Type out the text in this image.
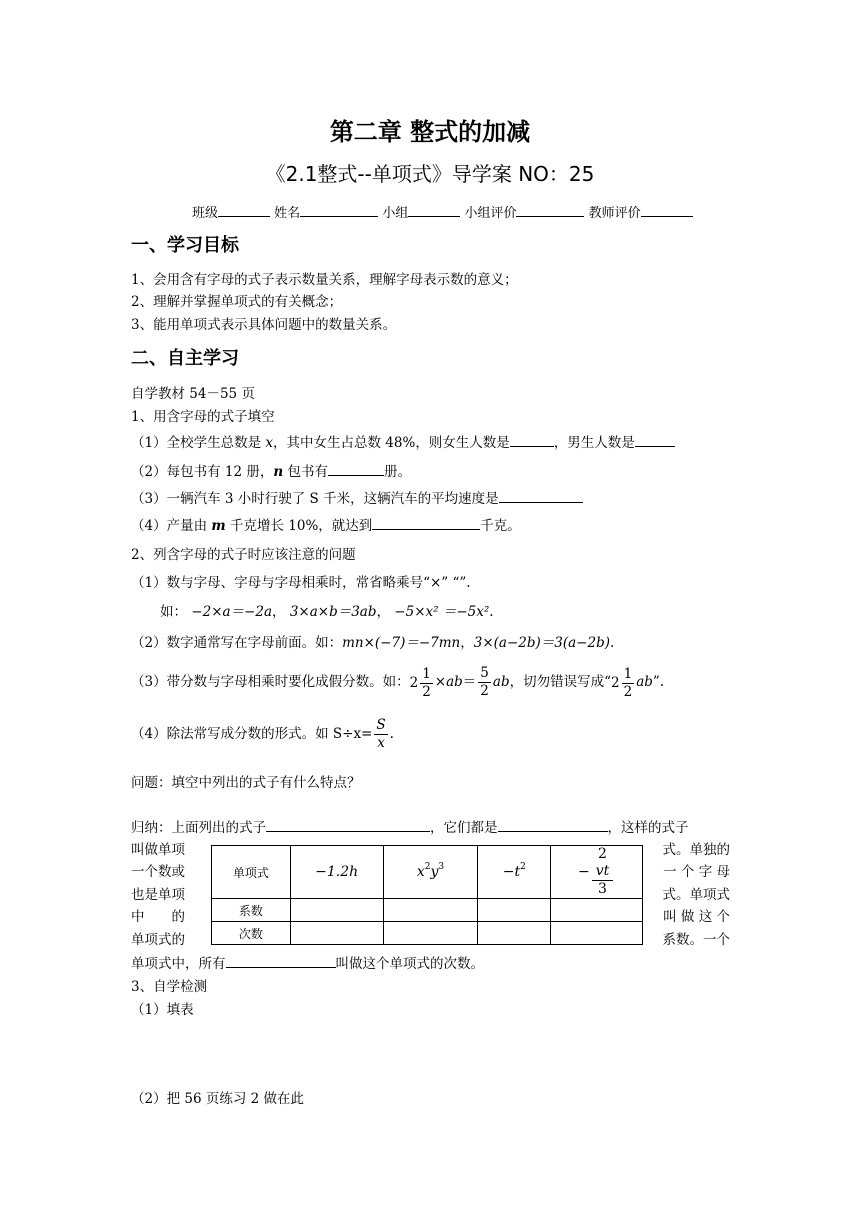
第二章 整式的加减
《2.1整式--单项式》导学案 NO：25
班级	姓名	小组	小组评价	教师评价
一、学习目标
1、会用含有字母的式子表示数量关系，理解字母表示数的意义；
2、理解并掌握单项式的有关概念；
3、能用单项式表示具体问题中的数量关系。
二、自主学习
自学教材 54－55 页
1、用含字母的式子填空
（1）全校学生总数是 x，其中女生占总数 48%，则女生人数是	，男生人数是
（2）每包书有 12 册，n 包书有	册。
（3）一辆汽车 3 小时行驶了 S 千米，这辆汽车的平均速度是
（4）产量由 m 千克增长 10%，就达到	千克。
2、列含字母的式子时应该注意的问题
（1）数与字母、字母与字母相乘时，常省略乘号“×” “”.
如： −2×a＝−2a， 3×a×b＝3ab， −5×x² ＝−5x².
（2）数字通常写在字母前面。如：mn×(−7)＝−7mn，3×(a−2b)＝3(a−2b).
（3）带分数与字母相乘时要化成假分数。如：$2 \frac{1}{2} \times ab= \frac{5}{2}$ ab，切勿错误写成“$2 \frac{1}{2}$ ab”.
（4）除法常写成分数的形式。如 $S\div x= \frac{S}{x}$ .
问题：填空中列出的式子有什么特点？
归纳：上面列出的式子	，它们都是	，这样的式子
叫做单项
一个数或
也是单项
中　　的
单项式的
式。单独的
一 个 字 母
式。单项式
叫 做 这 个
系数。一个
单项式	−1.2h	$x^2y^3$	$-t^2$	− 2
vt
3

系数				
次数				
单项式中，所有	叫做这个单项式的次数。
3、自学检测
（1）填表
（2）把 56 页练习 2 做在此
